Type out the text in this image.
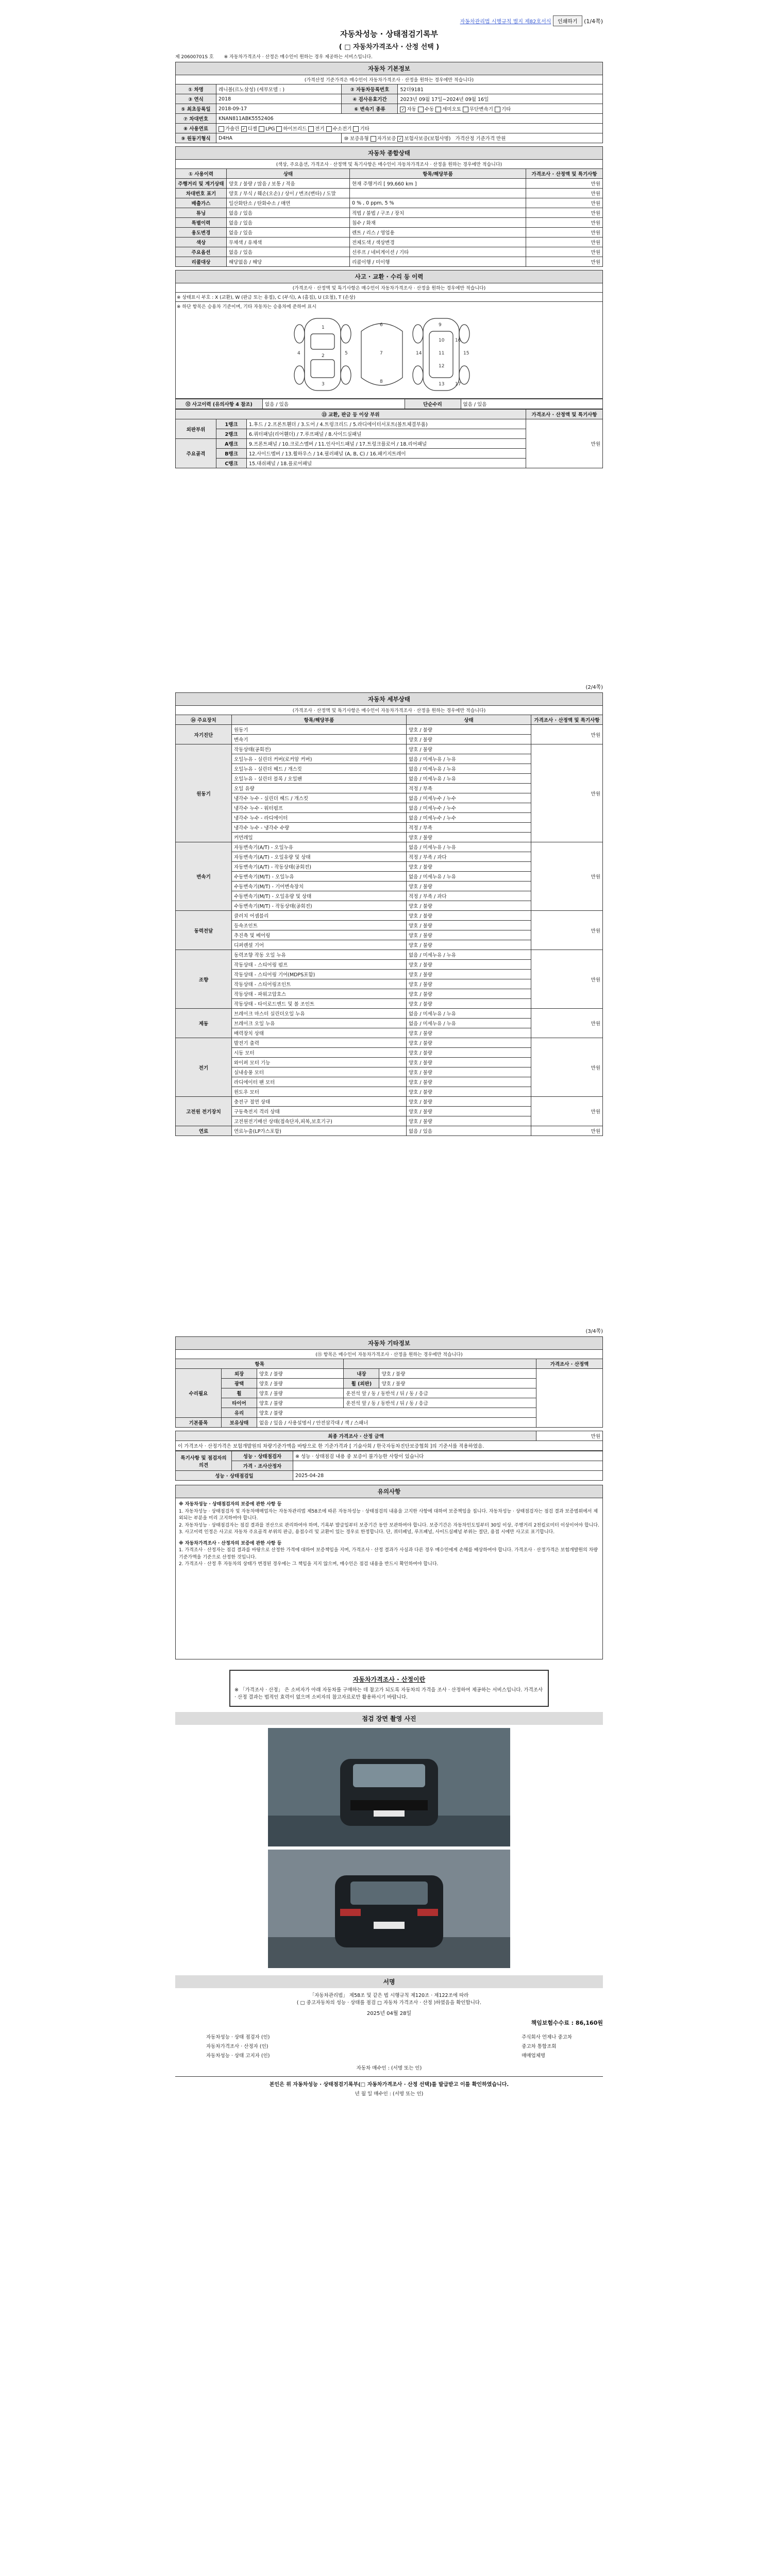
자동차관리법 시행규칙 별지 제82호서식 인쇄하기 (1/4쪽)
자동차성능 · 상태점검기록부
( □ 자동차가격조사 · 산정 선택 )
제 20600701S 호 ※ 자동차가격조사 · 산정은 매수인이 원하는 경우 제공하는 서비스입니다.
자동차 기본정보
(가격산정 기준가격은 매수인이 자동차가격조사 · 산정을 원하는 경우에만 적습니다)
① 차명	레니볼(르노삼성) (세부모델 : )	② 자동차등록번호	52더9181
③ 연식	2018	④ 검사유효기간	2023년 09월 17일~2024년 09월 16일
⑤ 최초등록일	2018-09-17	⑥ 변속기 종류	✓ 자동 수동 세미오토 무단변속기 기타
⑦ 차대번호	KNAN811ABK5552406		
⑧ 사용연료	가솔린 ✓ 디젤 LPG 하이브리드 전기 수소전기 기타		
⑨ 원동기형식	D4HA	⑩ 보증유형 자가보증 ✓ 보험사보증(보험사명) 가격산정 기준가격 만원	
자동차 종합상태
(색상, 주요옵션, 가격조사 · 산정액 및 특기사항은 매수인이 자동차가격조사 · 산정을 원하는 경우에만 적습니다)
① 사용이력	상태	항목/해당부품	가격조사 · 산정액 및 특기사항
주행거리 및 계기상태	양호 / 불량 / 많음 / 보통 / 적음	현재 주행거리 [ 99,660 km ]	만원
차대번호 표기	양호 / 부식 / 훼손(오손) / 상이 / 변조(변타) / 도말		만원
배출가스	일산화탄소 / 탄화수소 / 매연	0 % , 0 ppm, 5 %	만원
튜닝	없음 / 있음	적법 / 불법 / 구조 / 장치	만원
특별이력	없음 / 있음	침수 / 화재	만원
용도변경	없음 / 있음	렌트 / 리스 / 영업용	만원
색상	무채색 / 유채색	전체도색 / 색상변경	만원
주요옵션	없음 / 있음	선루프 / 네비게이션 / 기타	만원
리콜대상	해당없음 / 해당	리콜이행 / 미이행	만원
사고 · 교환 · 수리 등 이력
(가격조사 · 산정액 및 특기사항은 매수인이 자동차가격조사 · 산정을 원하는 경우에만 적습니다)
※ 상태표시 부호 : X (교환), W (판금 또는 용접), C (부식), A (흠집), U (요철), T (손상)
※ 하단 항목은 승용차 기준이며, 기타 자동차는 승용차에 준하여 표시
1
2
3
4	5
6
7
8
9
10
11
12
13
14	15
16
17
⑫ 사고이력 (유의사항 4 참조)	없음 / 있음	단순수리	없음 / 있음
⑬ 교환, 판금 등 이상 부위			가격조사 · 산정액 및 특기사항
외판부위	1랭크	1.후드 / 2.프론트휀더 / 3.도어 / 4.트렁크리드 / 5.라디에이터서포트(볼트체결부품)	만원
	2랭크	6.쿼터패널(리어휀더) / 7.루프패널 / 8.사이드실패널	
주요골격	A랭크	9.프론트패널 / 10.크로스멤버 / 11.인사이드패널 / 17.트렁크플로어 / 18.리어패널	
	B랭크	12.사이드멤버 / 13.휠하우스 / 14.필러패널 (A, B, C) / 16.패키지트레이	
	C랭크	15.대쉬패널 / 18.플로어패널	
(2/4쪽)
자동차 세부상태
(가격조사 · 산정액 및 특기사항은 매수인이 자동차가격조사 · 산정을 원하는 경우에만 적습니다)
⑭ 주요장치	항목/해당부품	상태	가격조사 · 산정액 및 특기사항
자기진단	원동기	양호 / 불량	만원
	변속기	양호 / 불량	
원동기	작동상태(공회전)	양호 / 불량	만원
	오일누유 - 실린더 커버(로커암 커버)	없음 / 미세누유 / 누유	
	오일누유 - 실린더 헤드 / 개스킷	없음 / 미세누유 / 누유	
	오일누유 - 실린더 블록 / 오일팬	없음 / 미세누유 / 누유	
	오일 유량	적정 / 부족	
	냉각수 누수 - 실린더 헤드 / 개스킷	없음 / 미세누수 / 누수	
	냉각수 누수 - 워터펌프	없음 / 미세누수 / 누수	
	냉각수 누수 - 라디에이터	없음 / 미세누수 / 누수	
	냉각수 누수 - 냉각수 수량	적정 / 부족	
	커먼레일	양호 / 불량	
변속기	자동변속기(A/T) - 오일누유	없음 / 미세누유 / 누유	만원
	자동변속기(A/T) - 오일유량 및 상태	적정 / 부족 / 과다	
	자동변속기(A/T) - 작동상태(공회전)	양호 / 불량	
	수동변속기(M/T) - 오일누유	없음 / 미세누유 / 누유	
	수동변속기(M/T) - 기어변속장치	양호 / 불량	
	수동변속기(M/T) - 오일유량 및 상태	적정 / 부족 / 과다	
	수동변속기(M/T) - 작동상태(공회전)	양호 / 불량	
동력전달	클러치 어셈블리	양호 / 불량	만원
	등속조인트	양호 / 불량	
	추진축 및 베어링	양호 / 불량	
	디퍼렌셜 기어	양호 / 불량	
조향	동력조향 작동 오일 누유	없음 / 미세누유 / 누유	만원
	작동상태 - 스티어링 펌프	양호 / 불량	
	작동상태 - 스티어링 기어(MDPS포함)	양호 / 불량	
	작동상태 - 스티어링조인트	양호 / 불량	
	작동상태 - 파워고압호스	양호 / 불량	
	작동상태 - 타이로드엔드 및 볼 조인트	양호 / 불량	
제동	브레이크 마스터 실린더오일 누유	없음 / 미세누유 / 누유	만원
	브레이크 오일 누유	없음 / 미세누유 / 누유	
	배력장치 상태	양호 / 불량	
전기	발전기 출력	양호 / 불량	만원
	시동 모터	양호 / 불량	
	와이퍼 모터 기능	양호 / 불량	
	실내송풍 모터	양호 / 불량	
	라디에이터 팬 모터	양호 / 불량	
	윈도우 모터	양호 / 불량	
고전원 전기장치	충전구 절연 상태	양호 / 불량	만원
	구동축전지 격리 상태	양호 / 불량	
	고전원전기배선 상태(접속단자,피복,보호기구)	양호 / 불량	
연료	연료누출(LP가스포함)	없음 / 있음	만원
(3/4쪽)
자동차 기타정보
(⑮ 항목은 매수인이 자동차가격조사 · 산정을 원하는 경우에만 적습니다)
항목					가격조사 · 산정액
수리필요	외장	양호 / 불량	내장	양호 / 불량	
	광택	양호 / 불량	휠 (외판)	양호 / 불량	
	휠	양호 / 불량	운전석 앞 / 동 / 동반석 / 뒤 / 동 / 응급		
	타이어	양호 / 불량	운전석 앞 / 동 / 동반석 / 뒤 / 동 / 응급		
	유리	양호 / 불량			
기본품목	보유상태	없음 / 있음 / 사용설명서 / 안전삼각대 / 잭 / 스패너			
최종 가격조사 · 산정 금액	만원
이 가격조사 · 산정가격은 보험개발원의 차량기준가액을 바탕으로 한 기준가격과 [ 기술사회 / 한국자동차진단보증협회 ]의 기준서를 적용하였음.
특기사항 및 점검자의 의견	성능 · 상태점검자	※ 성능 · 상태점검 내용 중 보증이 불가능한 사항이 있습니다
	가격 · 조사산정자	
성능 · 상태점검일		2025-04-28
유의사항
※ 자동차성능 · 상태점검자의 보증에 관한 사항 등
1. 자동차성능 · 상태점검자 및 자동차매매업자는 자동차관리법 제58조에 따른 자동차성능 · 상태점검의 내용을 고지한 사항에 대하여 보증책임을 집니다. 자동차성능 · 상태점검자는 점검 결과 보증범위에서 제외되는 부분을 미리 고지하여야 합니다.
2. 자동차성능 · 상태점검자는 점검 결과를 전산으로 관리하여야 하며, 기록부 발급일부터 보증기간 동안 보관하여야 합니다. 보증기간은 자동차인도일부터 30일 이상, 주행거리 2천킬로미터 이상이어야 합니다.
3. 사고이력 인정은 사고로 자동차 주요골격 부위의 판금, 용접수리 및 교환이 있는 경우로 한정합니다. 단, 쿼터패널, 루프패널, 사이드실패널 부위는 절단, 용접 시에만 사고로 표기합니다.
※ 자동차가격조사 · 산정자의 보증에 관한 사항 등
1. 가격조사 · 산정자는 점검 결과를 바탕으로 산정한 가격에 대하여 보증책임을 지며, 가격조사 · 산정 결과가 사실과 다른 경우 매수인에게 손해를 배상하여야 합니다. 가격조사 · 산정가격은 보험개발원의 차량기준가액을 기준으로 산정한 것입니다.
2. 가격조사 · 산정 후 자동차의 상태가 변경된 경우에는 그 책임을 지지 않으며, 매수인은 점검 내용을 반드시 확인하여야 합니다.
자동차가격조사 · 산정이란
※ 「가격조사 · 산정」 은 소비자가 아래 자동차를 구매하는 데 참고가 되도록 자동차의 가격을 조사 · 산정하여 제공하는 서비스입니다. 가격조사 · 산정 결과는 법적인 효력이 없으며 소비자의 참고자료로만 활용하시기 바랍니다.
점검 장면 촬영 사진
서명
「자동차관리법」 제58조 및 같은 법 시행규칙 제120조 · 제122조에 따라
( □ 중고자동차의 성능 · 상태를 점검 □ 자동차 가격조사 · 산정 )하였음을 확인합니다.
2025년 04월 28일
책임보험수수료 : 86,160원
자동차성능 · 상태 점검자 (인)
자동차가격조사 · 산정자 (인)
자동차성능 · 상태 고지자 (인)
주식회사 언제나 중고차
중고차 통합조회
매매업체명
자동차 매수인 : (서명 또는 인)
본인은 위 자동차성능 · 상태점검기록부(□ 자동차가격조사 · 산정 선택)를 발급받고 이를 확인하였습니다.
년 월 일 매수인 : (서명 또는 인)
